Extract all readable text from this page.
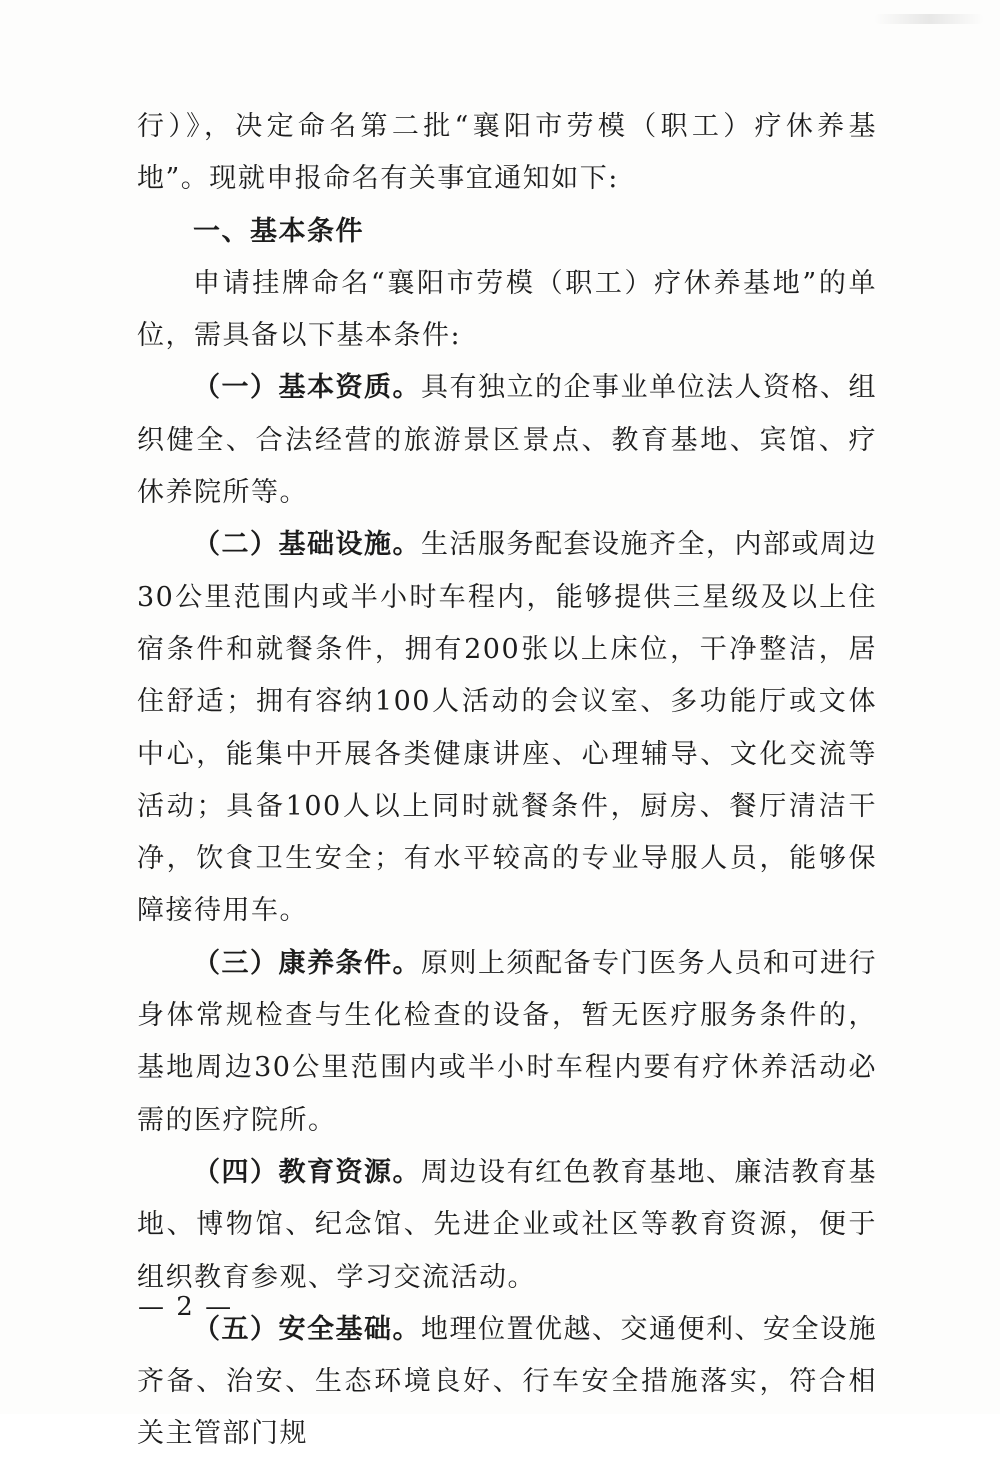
行）》，决定命名第二批“襄阳市劳模（职工）疗休养基地”。现就申报命名有关事宜通知如下:

一、基本条件

申请挂牌命名“襄阳市劳模（职工）疗休养基地”的单位，需具备以下基本条件:

（一）基本资质。具有独立的企事业单位法人资格、组织健全、合法经营的旅游景区景点、教育基地、宾馆、疗休养院所等。

（二）基础设施。生活服务配套设施齐全，内部或周边30公里范围内或半小时车程内，能够提供三星级及以上住宿条件和就餐条件，拥有200张以上床位，干净整洁，居住舒适；拥有容纳100人活动的会议室、多功能厅或文体中心，能集中开展各类健康讲座、心理辅导、文化交流等活动；具备100人以上同时就餐条件，厨房、餐厅清洁干净，饮食卫生安全；有水平较高的专业导服人员，能够保障接待用车。

（三）康养条件。原则上须配备专门医务人员和可进行身体常规检查与生化检查的设备，暂无医疗服务条件的，基地周边30公里范围内或半小时车程内要有疗休养活动必需的医疗院所。

（四）教育资源。周边设有红色教育基地、廉洁教育基地、博物馆、纪念馆、先进企业或社区等教育资源，便于组织教育参观、学习交流活动。

（五）安全基础。地理位置优越、交通便利、安全设施齐备、治安、生态环境良好、行车安全措施落实，符合相关主管部门规

— 2 —
